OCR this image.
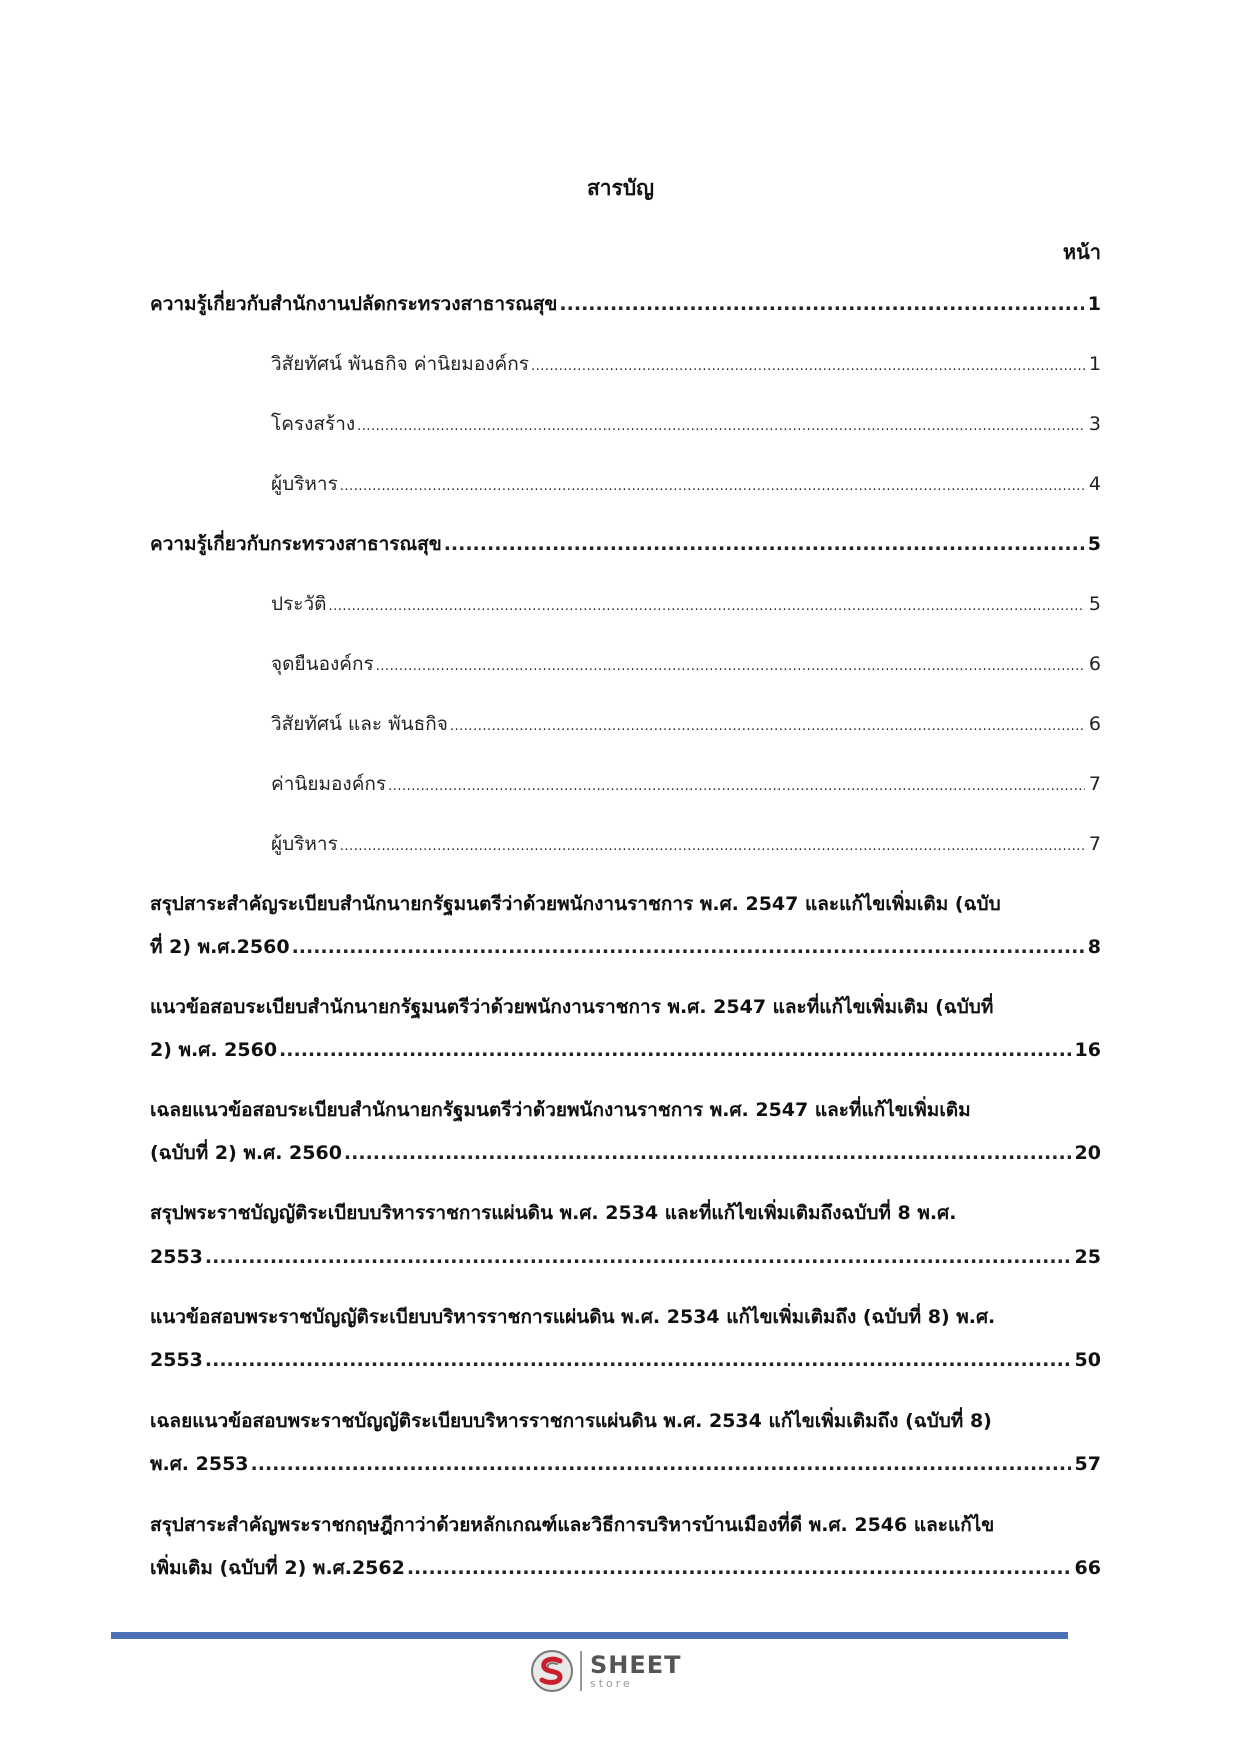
สารบัญ
หน้า
ความรู้เกี่ยวกับสำนักงานปลัดกระทรวงสาธารณสุข .....	1
วิสัยทัศน์ พันธกิจ ค่านิยมองค์กร .....	1
โครงสร้าง .....	3
ผู้บริหาร .....	4
ความรู้เกี่ยวกับกระทรวงสาธารณสุข .....	5
ประวัติ .....	5
จุดยืนองค์กร .....	6
วิสัยทัศน์ และ พันธกิจ .....	6
ค่านิยมองค์กร .....	7
ผู้บริหาร .....	7
สรุปสาระสำคัญระเบียบสำนักนายกรัฐมนตรีว่าด้วยพนักงานราชการ พ.ศ. 2547 และแก้ไขเพิ่มเติม (ฉบับ
ที่ 2) พ.ศ.2560 .....	8
แนวข้อสอบระเบียบสำนักนายกรัฐมนตรีว่าด้วยพนักงานราชการ พ.ศ. 2547 และที่แก้ไขเพิ่มเติม (ฉบับที่
2) พ.ศ. 2560 .....	16
เฉลยแนวข้อสอบระเบียบสำนักนายกรัฐมนตรีว่าด้วยพนักงานราชการ พ.ศ. 2547 และที่แก้ไขเพิ่มเติม
(ฉบับที่ 2) พ.ศ. 2560 .....	20
สรุปพระราชบัญญัติระเบียบบริหารราชการแผ่นดิน พ.ศ. 2534 และที่แก้ไขเพิ่มเติมถึงฉบับที่ 8 พ.ศ.
2553 .....	25
แนวข้อสอบพระราชบัญญัติระเบียบบริหารราชการแผ่นดิน พ.ศ. 2534 แก้ไขเพิ่มเติมถึง (ฉบับที่ 8) พ.ศ.
2553 .....	50
เฉลยแนวข้อสอบพระราชบัญญัติระเบียบบริหารราชการแผ่นดิน พ.ศ. 2534 แก้ไขเพิ่มเติมถึง (ฉบับที่ 8)
พ.ศ. 2553 .....	57
สรุปสาระสำคัญพระราชกฤษฎีกาว่าด้วยหลักเกณฑ์และวิธีการบริหารบ้านเมืองที่ดี พ.ศ. 2546 และแก้ไข
เพิ่มเติม (ฉบับที่ 2) พ.ศ.2562 .....	66
SHEET
store
